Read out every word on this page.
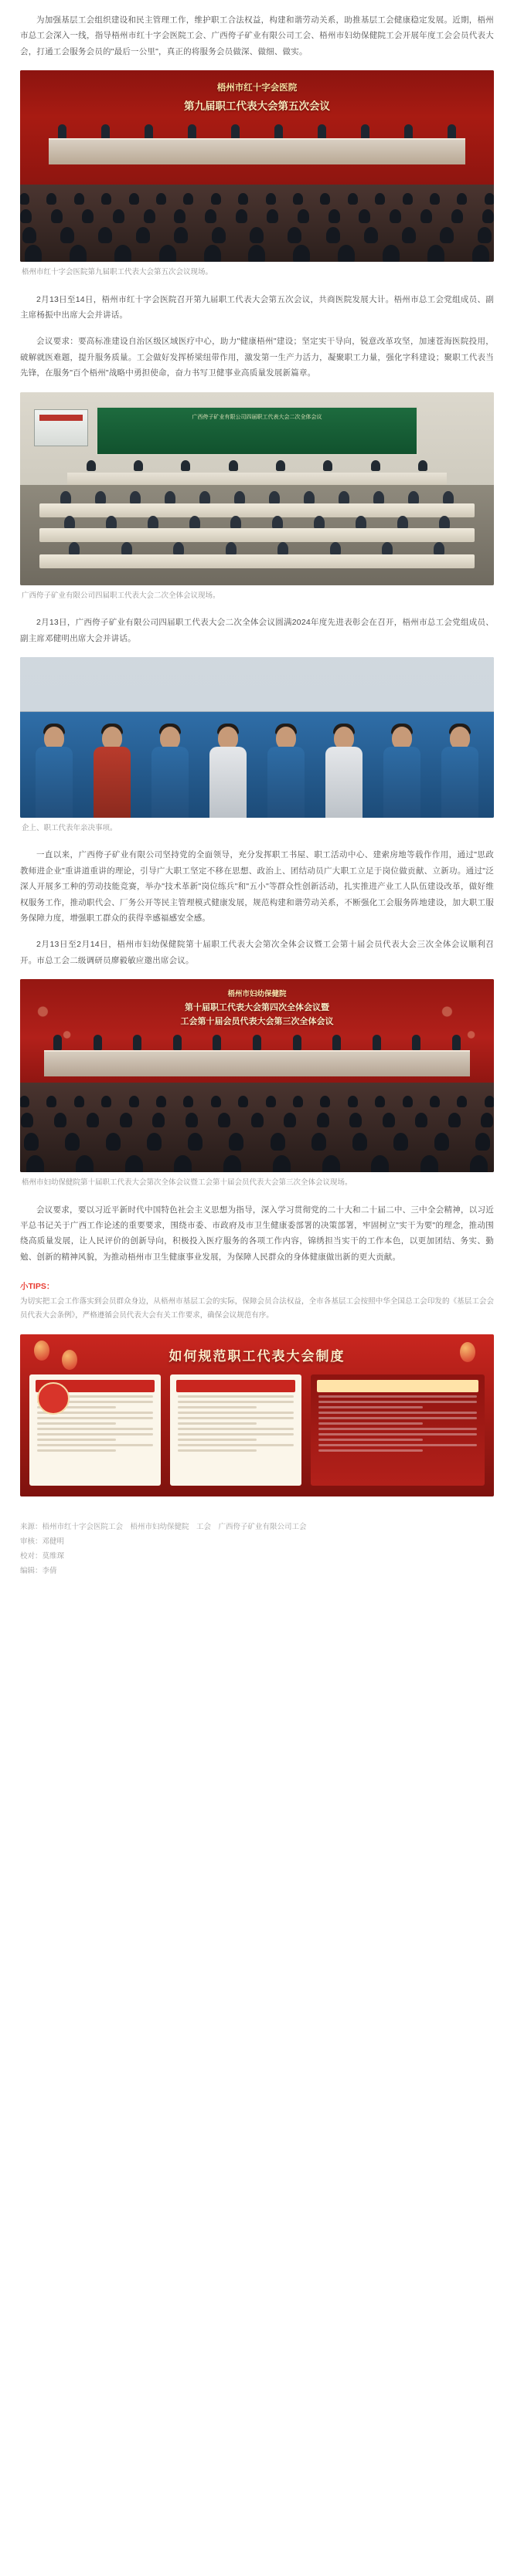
为加强基层工会组织建设和民主管理工作，维护职工合法权益，构建和谐劳动关系，助推基层工会健康稳定发展。近期，梧州市总工会深入一线，指导梧州市红十字会医院工会、广西侉子矿业有限公司工会、梧州市妇幼保健院工会开展年度工会会员代表大会，打通工会服务会员的"最后一公里"，真正的将服务会员做深、做细、做实。

梧州市红十字会医院
第九届职工代表大会第五次会议
梧州市红十字会医院第九届职工代表大会第五次会议现场。

2月13日至14日，梧州市红十字会医院召开第九届职工代表大会第五次会议，共商医院发展大计。梧州市总工会党组成员、副主席杨振中出席大会并讲话。

会议要求：要高标准建设自治区级区域医疗中心，助力"健康梧州"建设；坚定实干导向，锐意改革攻坚，加速苍海医院投用，破解就医难题，提升服务质量。工会做好发挥桥梁纽带作用，激发第一生产力活力，凝聚职工力量，强化字科建设；聚职工代表当先锋，在服务"百个梧州"战略中勇担使命，奋力书写卫健事业高质量发展新篇章。

广西侉子矿业有限公司四届职工代表大会二次全体会议
广西侉子矿业有限公司四届职工代表大会二次全体会议现场。

2月13日，广西侉子矿业有限公司四届职工代表大会二次全体会议圆满2024年度先进表彰会在召开，梧州市总工会党组成员、副主席邓健明出席大会并讲话。

企上、职工代表年亲决事项。

一直以来，广西侉子矿业有限公司坚持党的全面领导，充分发挥职工书屋、职工活动中心、建索房地等载作作用，通过"思政教师进企业"重讲道重讲的理论，引导广大职工坚定不移在思想、政治上、团结动员广大职工立足于岗位做贡献、立新功。通过"泛深人开展多工种的劳动技能竞赛，举办"技术革新"岗位练兵"和"五小"等群众性创新活动，扎实推进产业工人队伍建设改革，做好维权服务工作，推动职代会、厂务公开等民主管理模式健康发展，规范构建和谐劳动关系，不断强化工会服务阵地建设，加大职工服务保障力度，增强职工群众的获得幸感福感安全感。

2月13日至2月14日，梧州市妇幼保健院第十届职工代表大会第次全体会议暨工会第十届会员代表大会三次全体会议顺利召开。市总工会二级调研员廖毅敏应邀出席会议。

梧州市妇幼保健院
第十届职工代表大会第四次全体会议暨
工会第十届会员代表大会第三次全体会议
梧州市妇幼保健院第十届职工代表大会第次全体会议暨工会第十届会员代表大会第三次全体会议现场。

会议要求，要以习近平新时代中国特色社会主义思想为指导，深入学习贯彻党的二十大和二十届二中、三中全会精神，以习近平总书记关于广西工作论述的重要要求，围绕市委、市政府及市卫生健康委部署的决策部署，牢固树立"实干为要"的理念，推动围绕高质量发展，让人民评价的创新导向，积极投入医疗服务的各项工作内容，锦绣担当实干的工作本色，以更加团结、务实、勤勉、创新的精神风貌，为推动梧州市卫生健康事业发展，为保障人民群众的身体健康做出新的更大贡献。

小TIPS：
为切实把工会工作落实到会员群众身边，从梧州市基层工会的实际，保障会员合法权益，全市各基层工会按照中华全国总工会印发的《基层工会会员代表大会条例》，严格遵循会员代表大会有关工作要求，确保会议规范有序。
如何规范职工代表大会制度
来源：梧州市红十字会医院工会　梧州市妇幼保健院　工会　广西侉子矿业有限公司工会
审核：邓健明
校对：莫维琛
编辑：李倩
